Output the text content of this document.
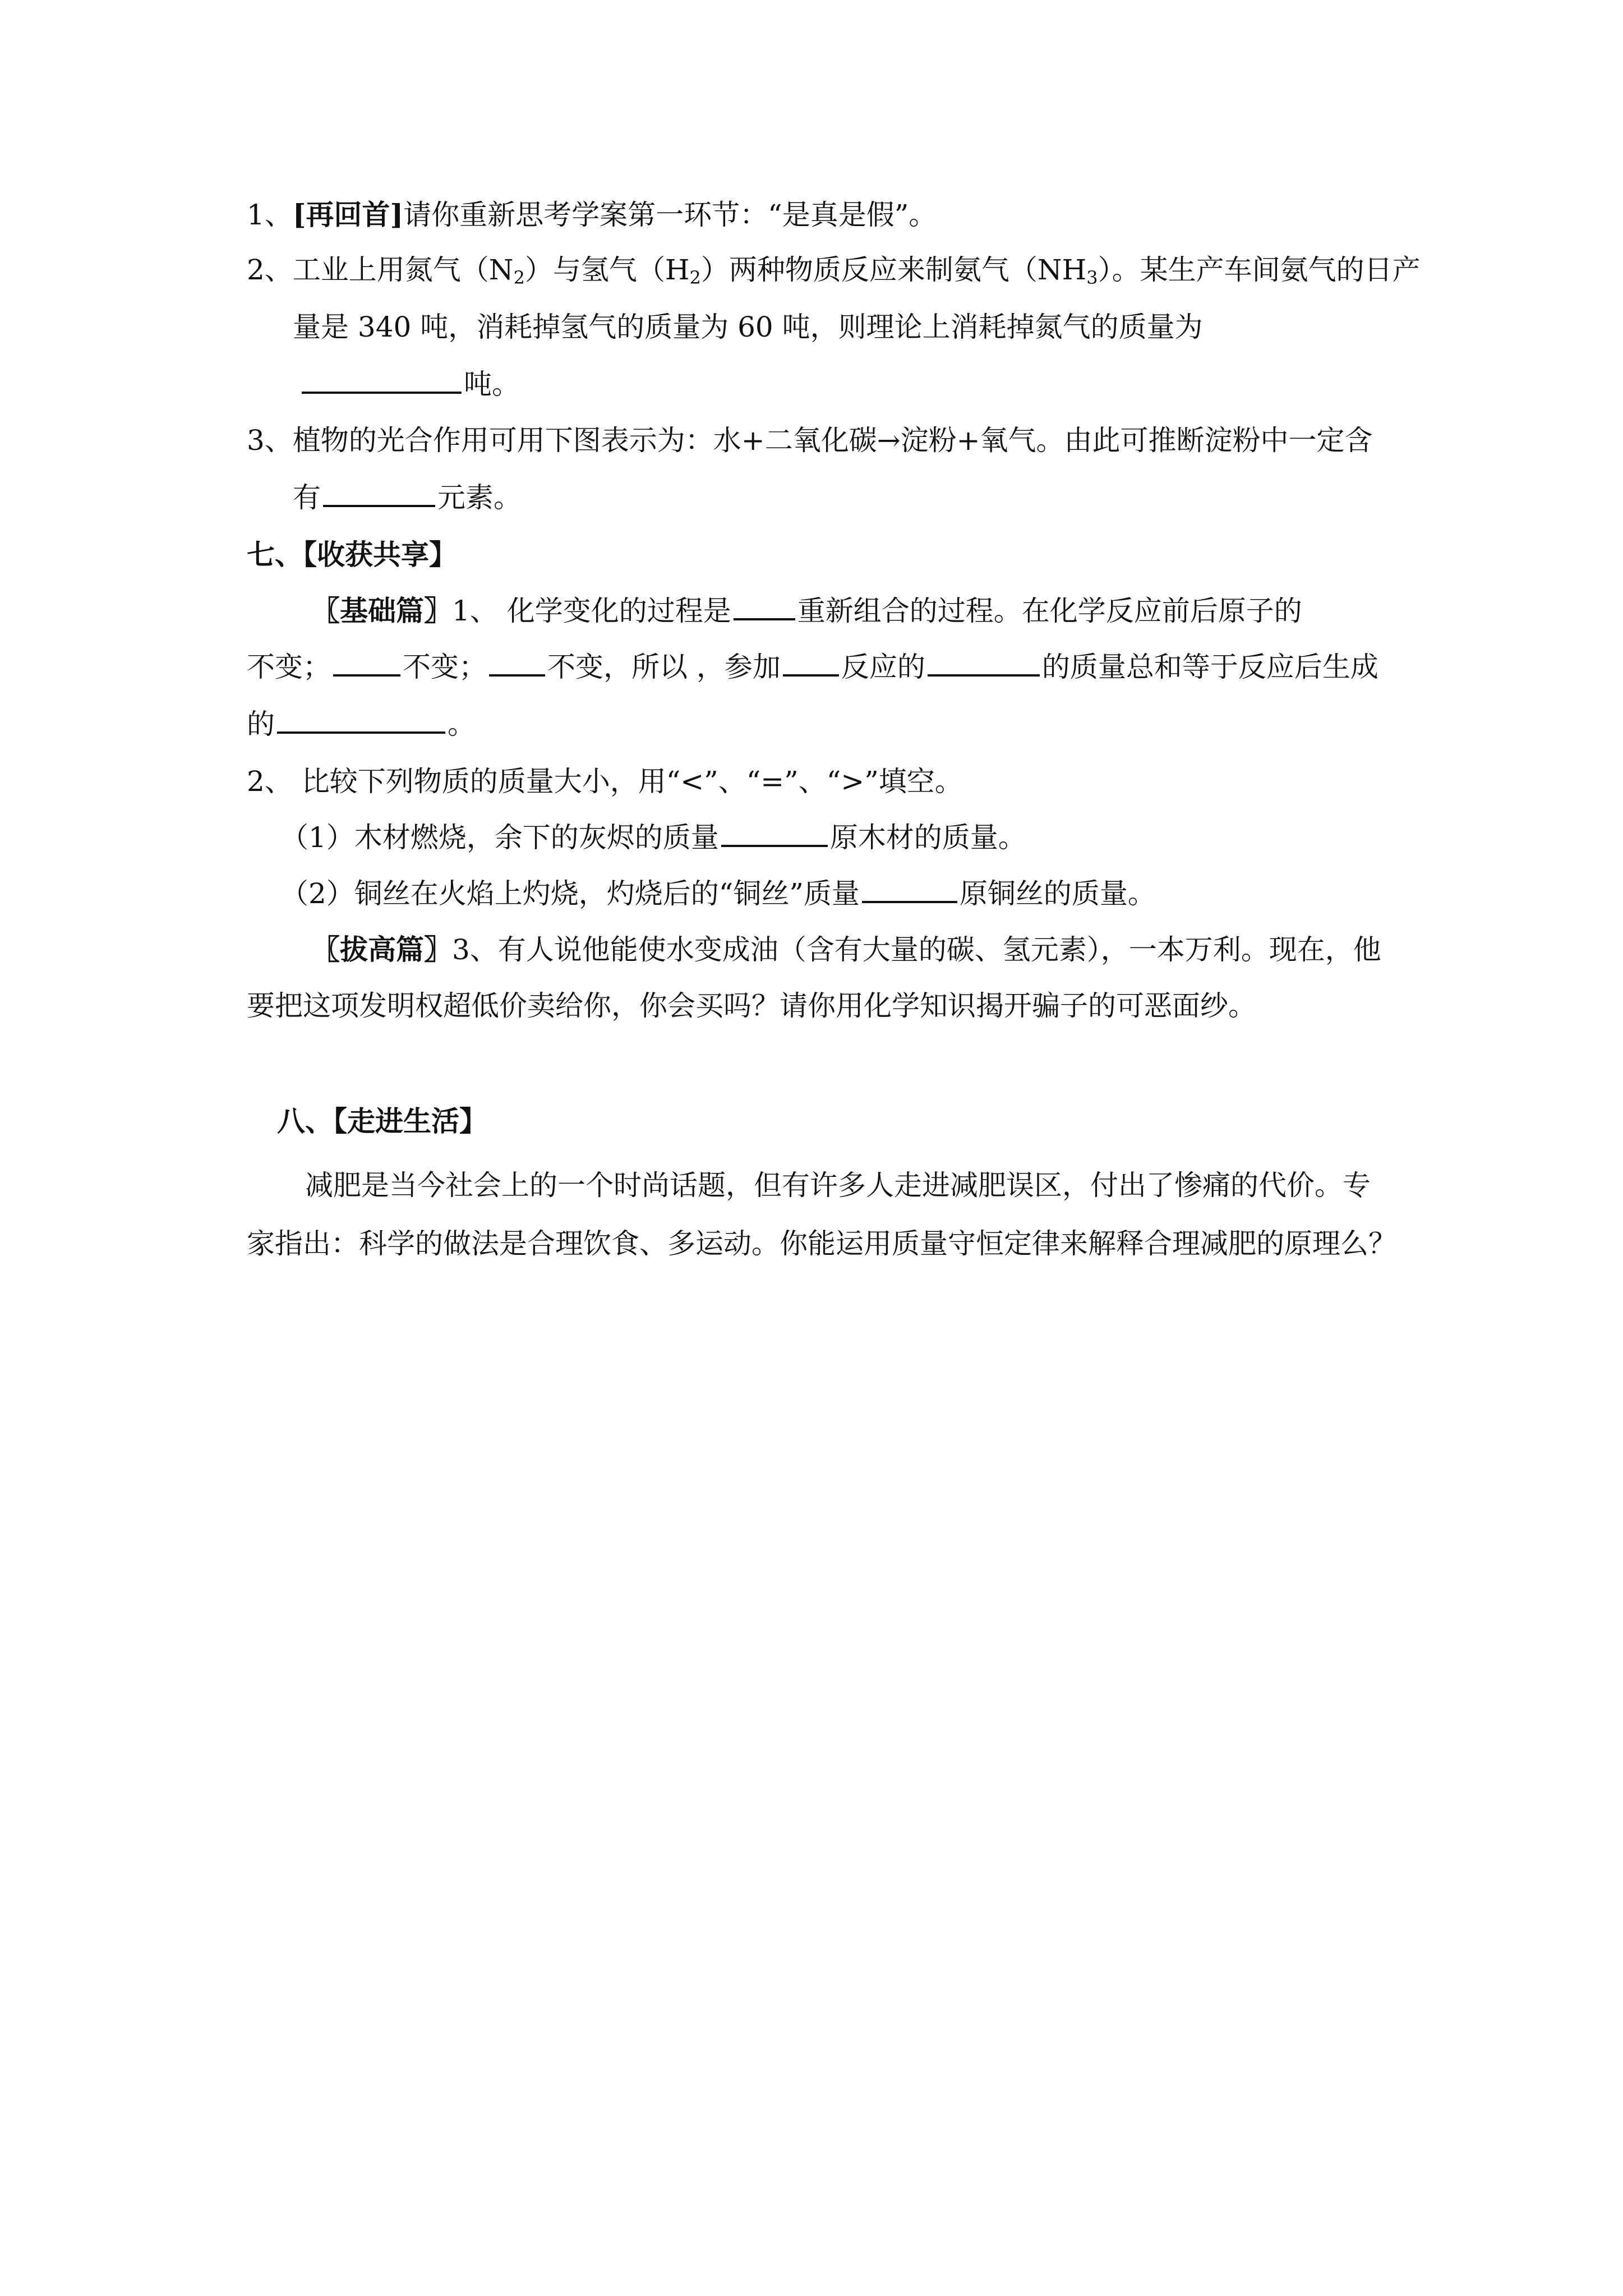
1、[再回首]请你重新思考学案第一环节：“是真是假”。
2、工业上用氮气$(N_2)$与氢气$(H_2)$两种物质反应来制氨气$(NH_3)$。某生产车间氨气的日产
量是 340 吨，消耗掉氢气的质量为 60 吨，则理论上消耗掉氮气的质量为
吨。
3、植物的光合作用可用下图表示为：水+二氧化碳→淀粉+氧气。由此可推断淀粉中一定含
有	元素。
七、【收获共享】
〖基础篇〗1、 化学变化的过程是 重新组合的过程。在化学反应前后原子的
不变；	不变； 不变，所以 ，参加 反应的	的质量总和等于反应后生成
的	。
2、 比较下列物质的质量大小，用“<”、“=”、“>”填空。
（1）木材燃烧，余下的灰烬的质量	原木材的质量。
（2）铜丝在火焰上灼烧，灼烧后的“铜丝”质量	原铜丝的质量。
〖拔高篇〗3、有人说他能使水变成油（含有大量的碳、氢元素），一本万利。现在，他
要把这项发明权超低价卖给你，你会买吗？请你用化学知识揭开骗子的可恶面纱。
八、【走进生活】
减肥是当今社会上的一个时尚话题，但有许多人走进减肥误区，付出了惨痛的代价。专
家指出：科学的做法是合理饮食、多运动。你能运用质量守恒定律来解释合理减肥的原理么？
